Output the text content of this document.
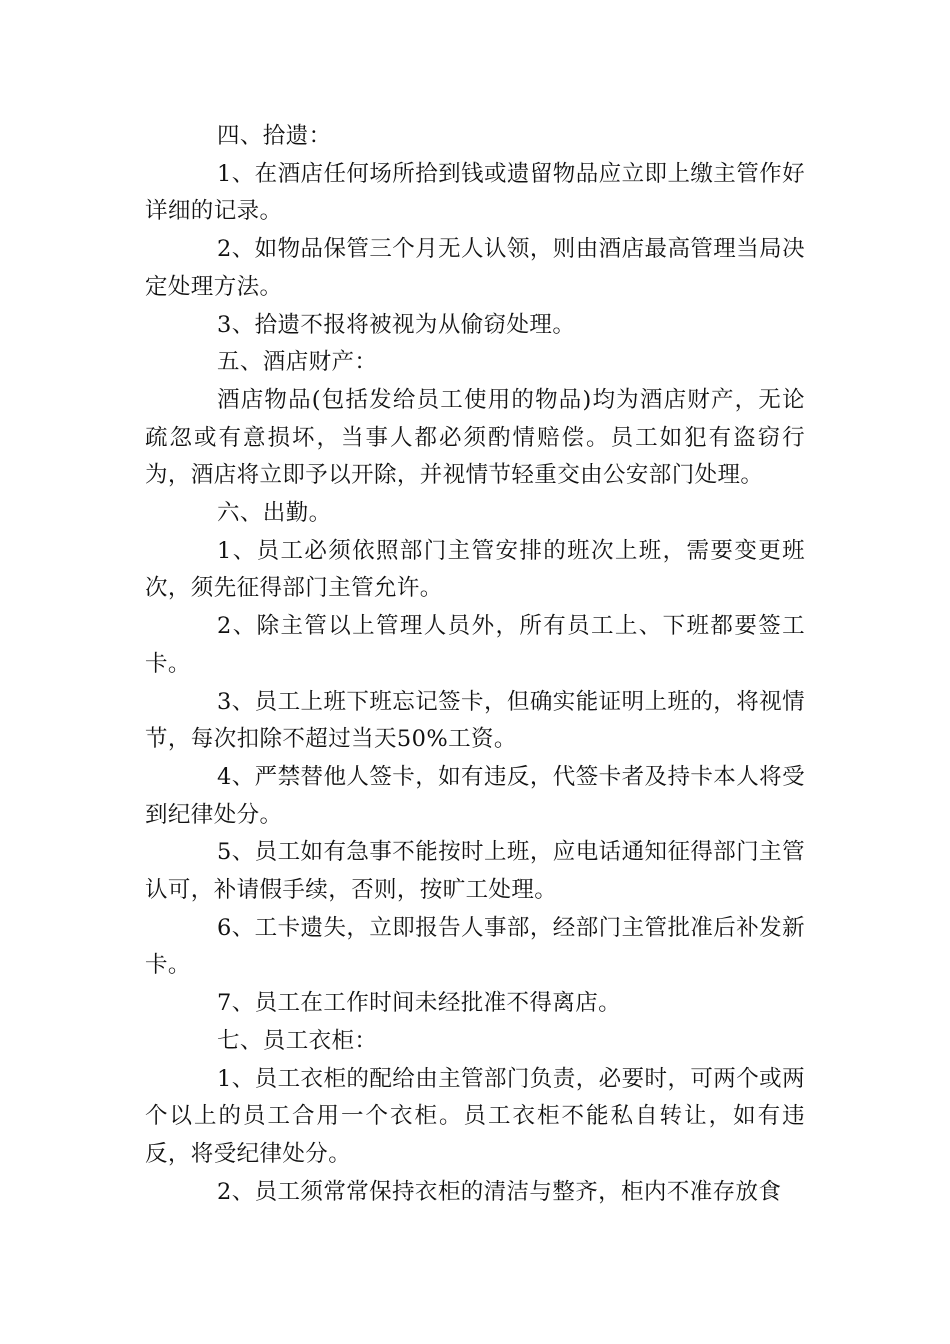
四、拾遗：

1、在酒店任何场所拾到钱或遗留物品应立即上缴主管作好详细的记录。

2、如物品保管三个月无人认领，则由酒店最高管理当局决定处理方法。

3、拾遗不报将被视为从偷窃处理。

五、酒店财产：

酒店物品(包括发给员工使用的物品)均为酒店财产，无论疏忽或有意损坏，当事人都必须酌情赔偿。员工如犯有盗窃行为，酒店将立即予以开除，并视情节轻重交由公安部门处理。

六、出勤。

1、员工必须依照部门主管安排的班次上班，需要变更班次，须先征得部门主管允许。

2、除主管以上管理人员外，所有员工上、下班都要签工卡。

3、员工上班下班忘记签卡，但确实能证明上班的，将视情节，每次扣除不超过当天50%工资。

4、严禁替他人签卡，如有违反，代签卡者及持卡本人将受到纪律处分。

5、员工如有急事不能按时上班，应电话通知征得部门主管认可，补请假手续，否则，按旷工处理。

6、工卡遗失，立即报告人事部，经部门主管批准后补发新卡。

7、员工在工作时间未经批准不得离店。

七、员工衣柜：

1、员工衣柜的配给由主管部门负责，必要时，可两个或两个以上的员工合用一个衣柜。员工衣柜不能私自转让，如有违反，将受纪律处分。

2、员工须常常保持衣柜的清洁与整齐，柜内不准存放食
